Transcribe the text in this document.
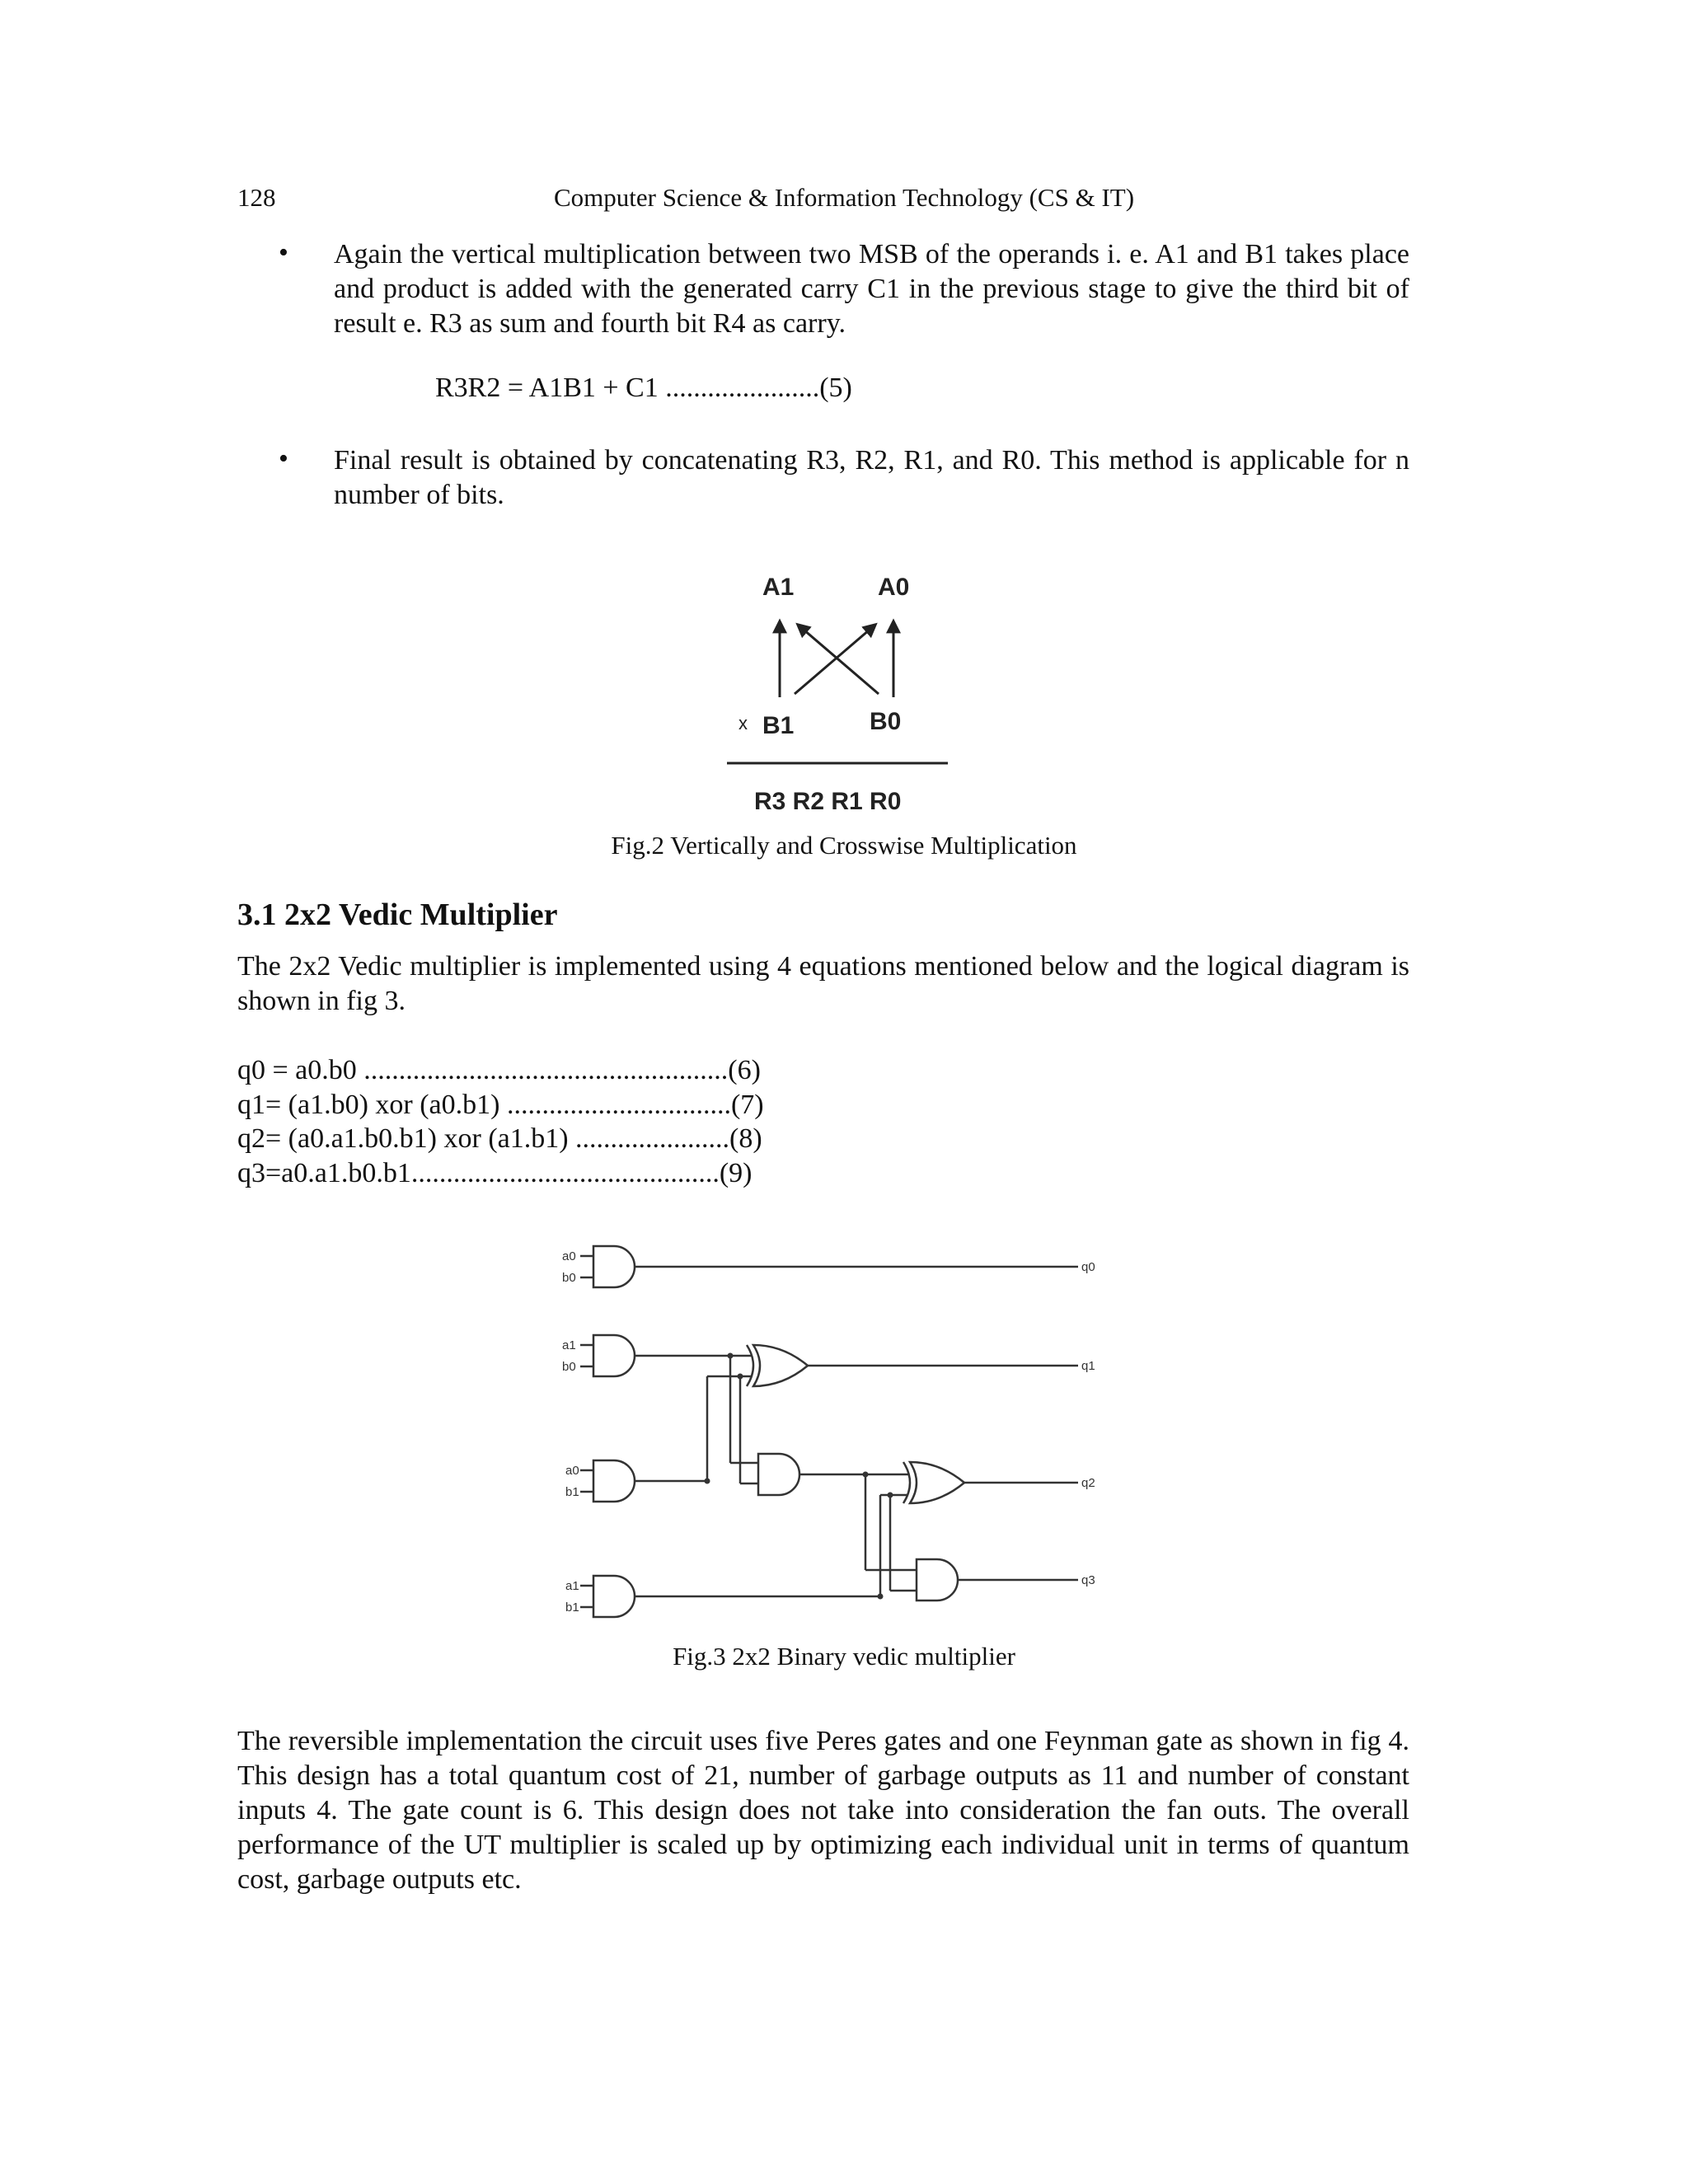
128	Computer Science & Information Technology (CS & IT)
• Again the vertical multiplication between two MSB of the operands i. e. A1 and B1 takes place and product is added with the generated carry C1 in the previous stage to give the third bit of result e. R3 as sum and fourth bit R4 as carry.
R3R2 = A1B1 + C1 ......................(5)
• Final result is obtained by concatenating R3, R2, R1, and R0. This method is applicable for n number of bits.
A1	A0
x B1	B0
R3 R2 R1 R0
Fig.2 Vertically and Crosswise Multiplication
3.1 2x2 Vedic Multiplier
The 2x2 Vedic multiplier is implemented using 4 equations mentioned below and the logical diagram is shown in fig 3.
q0 = a0.b0 ....................................................(6)
q1= (a1.b0) xor (a0.b1) ................................(7)
q2= (a0.a1.b0.b1) xor (a1.b1) ......................(8)
q3=a0.a1.b0.b1............................................(9)
a0
b0
a1
b0
a0
b1
a1
b1
q0
q1
q2
q3
Fig.3 2x2 Binary vedic multiplier
The reversible implementation the circuit uses five Peres gates and one Feynman gate as shown in fig 4. This design has a total quantum cost of 21, number of garbage outputs as 11 and number of constant inputs 4. The gate count is 6. This design does not take into consideration the fan outs. The overall performance of the UT multiplier is scaled up by optimizing each individual unit in terms of quantum cost, garbage outputs etc.
